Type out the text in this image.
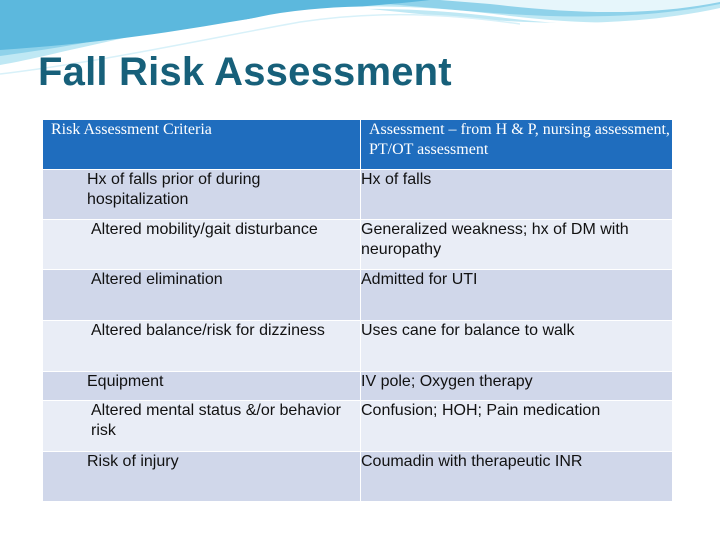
Fall Risk Assessment
Risk Assessment Criteria	Assessment – from H & P, nursing assessment, PT/OT assessment
Hx of falls prior of during hospitalization	Hx of falls
Altered mobility/gait disturbance	Generalized weakness; hx of DM with neuropathy
Altered elimination	Admitted for UTI
Altered balance/risk for dizziness	Uses cane for balance to walk
Equipment	IV pole; Oxygen therapy
Altered mental status &/or behavior risk	Confusion; HOH; Pain medication
Risk of injury	Coumadin with therapeutic INR
